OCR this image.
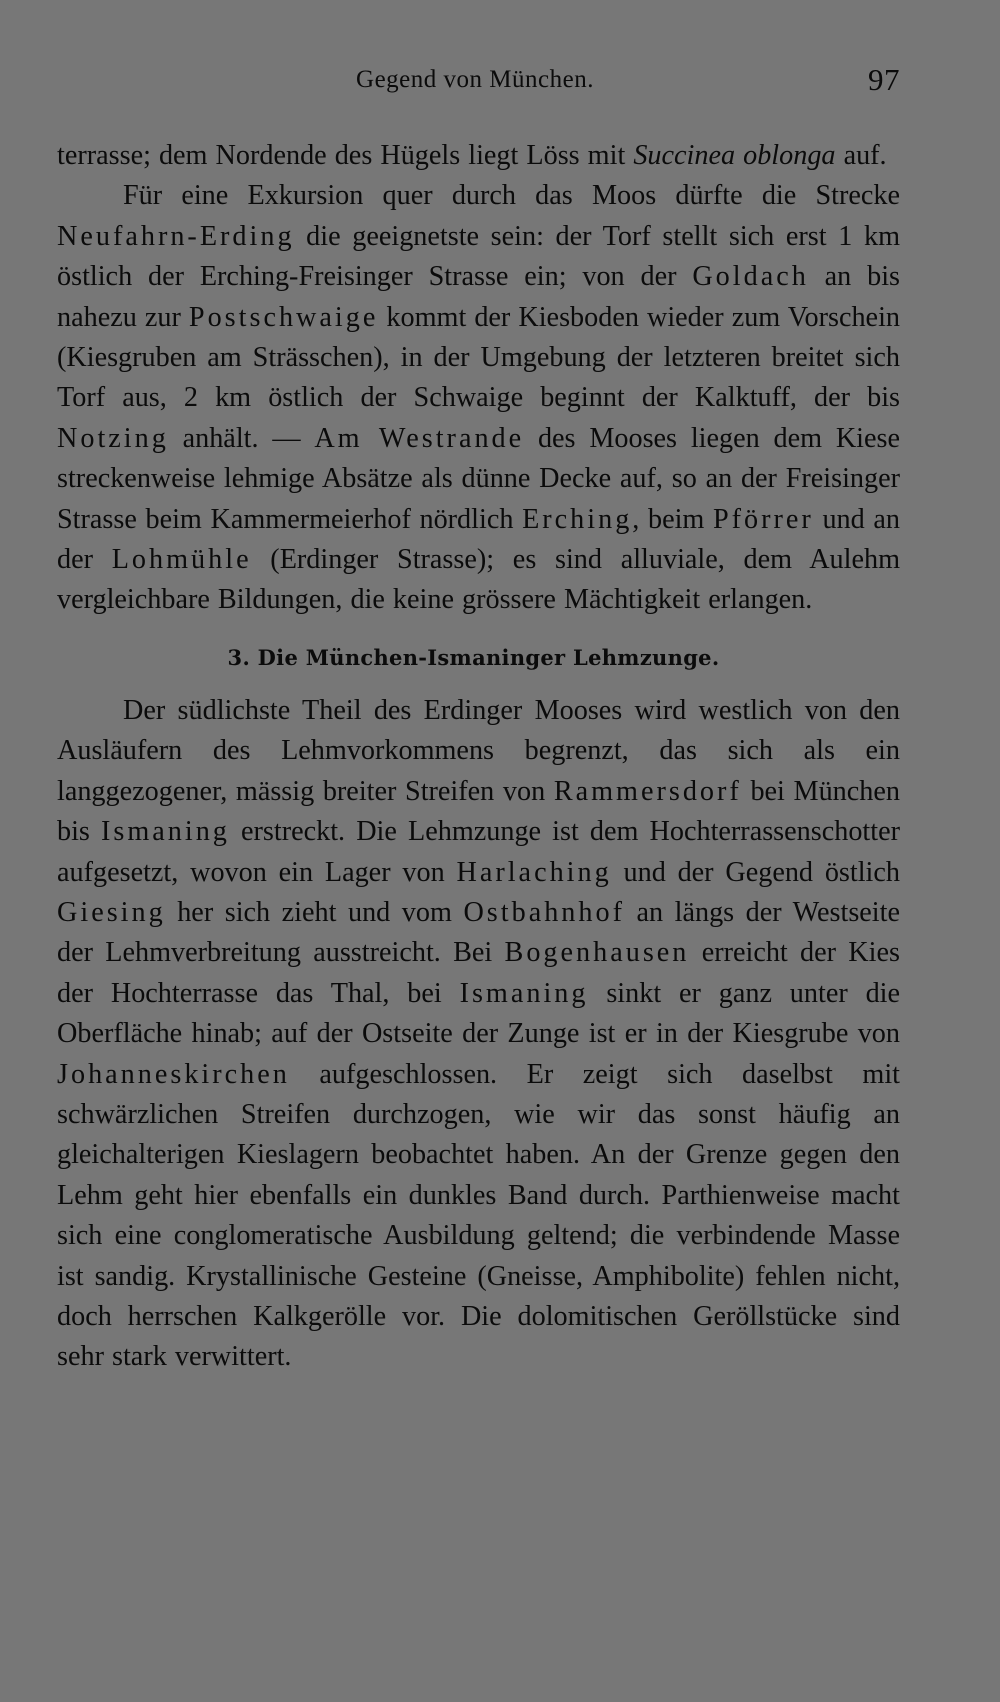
Gegend von München.	97

terrasse; dem Nordende des Hügels liegt Löss mit Succinea oblonga auf.

Für eine Exkursion quer durch das Moos dürfte die Strecke Neufahrn-Erding die geeignetste sein: der Torf stellt sich erst 1 km östlich der Erching-Freisinger Strasse ein; von der Goldach an bis nahezu zur Postschwaige kommt der Kiesboden wieder zum Vorschein (Kiesgruben am Strässchen), in der Umgebung der letzteren breitet sich Torf aus, 2 km östlich der Schwaige beginnt der Kalktuff, der bis Notzing anhält. — Am Westrande des Mooses liegen dem Kiese streckenweise lehmige Absätze als dünne Decke auf, so an der Freisinger Strasse beim Kammermeierhof nördlich Erching, beim Pförrer und an der Lohmühle (Erdinger Strasse); es sind alluviale, dem Aulehm vergleichbare Bildungen, die keine grössere Mächtigkeit erlangen.

3. Die München-Ismaninger Lehmzunge.

Der südlichste Theil des Erdinger Mooses wird westlich von den Ausläufern des Lehmvorkommens begrenzt, das sich als ein langgezogener, mässig breiter Streifen von Rammersdorf bei München bis Ismaning erstreckt. Die Lehmzunge ist dem Hochterrassenschotter aufgesetzt, wovon ein Lager von Harlaching und der Gegend östlich Giesing her sich zieht und vom Ostbahnhof an längs der Westseite der Lehmverbreitung ausstreicht. Bei Bogenhausen erreicht der Kies der Hochterrasse das Thal, bei Ismaning sinkt er ganz unter die Oberfläche hinab; auf der Ostseite der Zunge ist er in der Kiesgrube von Johanneskirchen aufgeschlossen. Er zeigt sich daselbst mit schwärzlichen Streifen durchzogen, wie wir das sonst häufig an gleichalterigen Kieslagern beobachtet haben. An der Grenze gegen den Lehm geht hier ebenfalls ein dunkles Band durch. Parthienweise macht sich eine conglomeratische Ausbildung geltend; die verbindende Masse ist sandig. Krystallinische Gesteine (Gneisse, Amphibolite) fehlen nicht, doch herrschen Kalkgerölle vor. Die dolomitischen Geröllstücke sind sehr stark verwittert.
